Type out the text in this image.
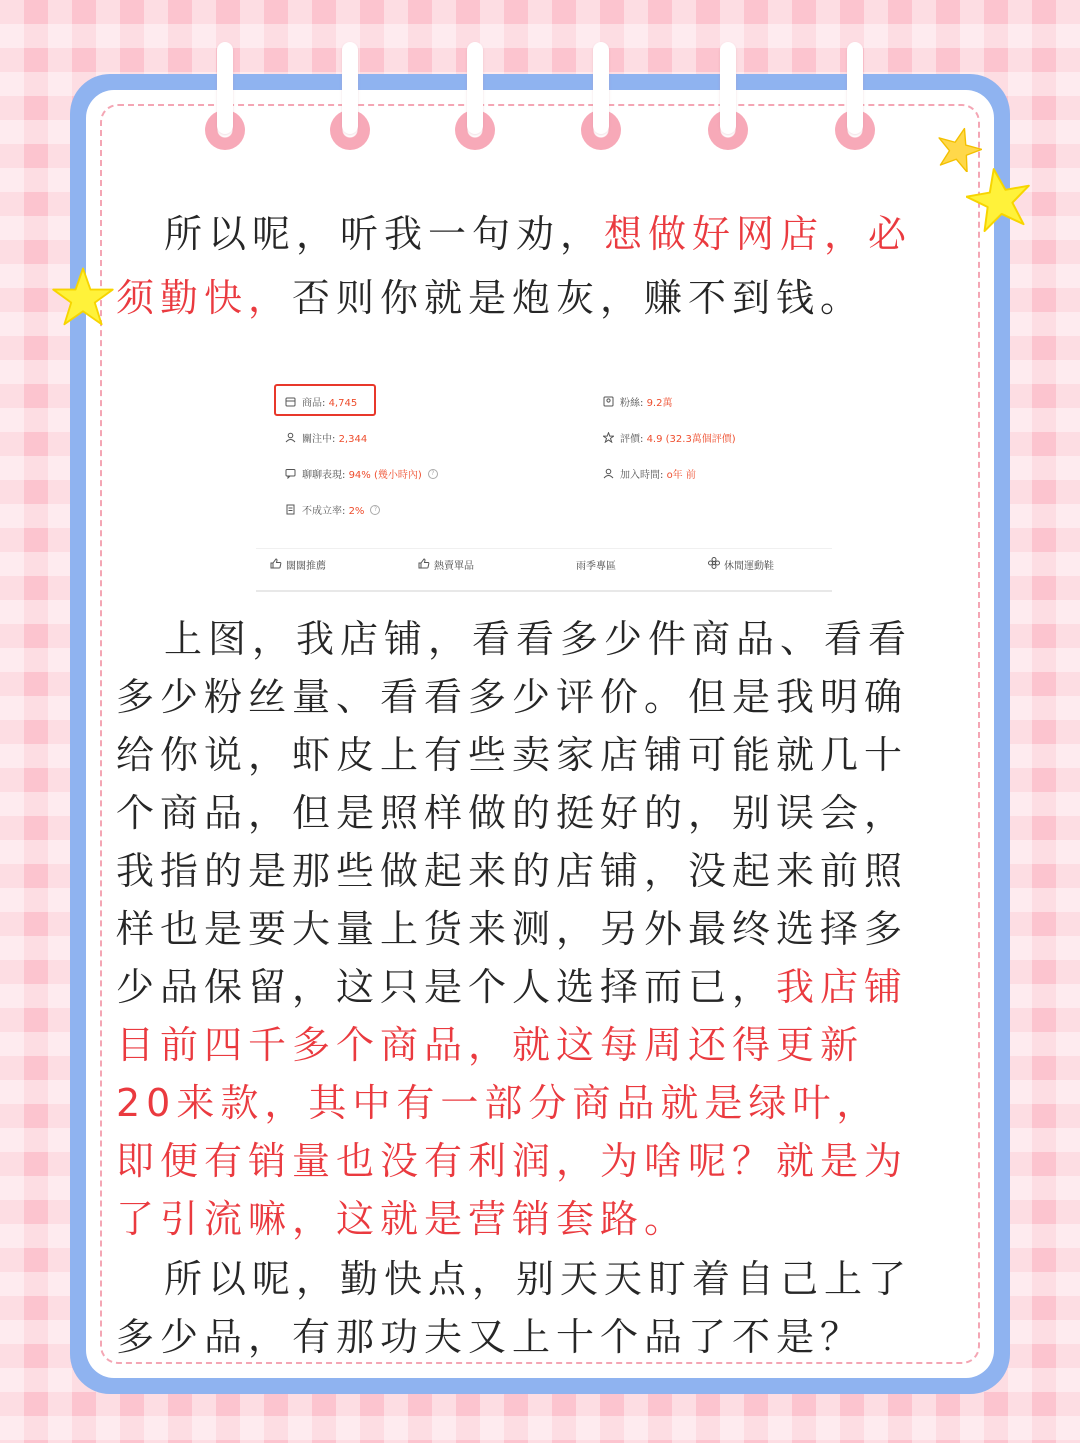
所以呢，听我一句劝，想做好网店，必须勤快，否则你就是炮灰，赚不到钱。

商品: 4,745	粉絲: 9.2萬
關注中: 2,344	評價: 4.9 (32.3萬個評價)
聊聊表現: 94% (幾小時內)	?	加入時間: o年 前
不成立率: 2%	?
闊闊推薦	熱賣單品	雨季專區	休閒運動鞋

上图，我店铺，看看多少件商品、看看多少粉丝量、看看多少评价。但是我明确给你说，虾皮上有些卖家店铺可能就几十个商品，但是照样做的挺好的，别误会，我指的是那些做起来的店铺，没起来前照样也是要大量上货来测，另外最终选择多少品保留，这只是个人选择而已，我店铺目前四千多个商品，就这每周还得更新20来款，其中有一部分商品就是绿叶，即便有销量也没有利润，为啥呢？就是为了引流嘛，这就是营销套路。

所以呢，勤快点，别天天盯着自己上了多少品，有那功夫又上十个品了不是？
